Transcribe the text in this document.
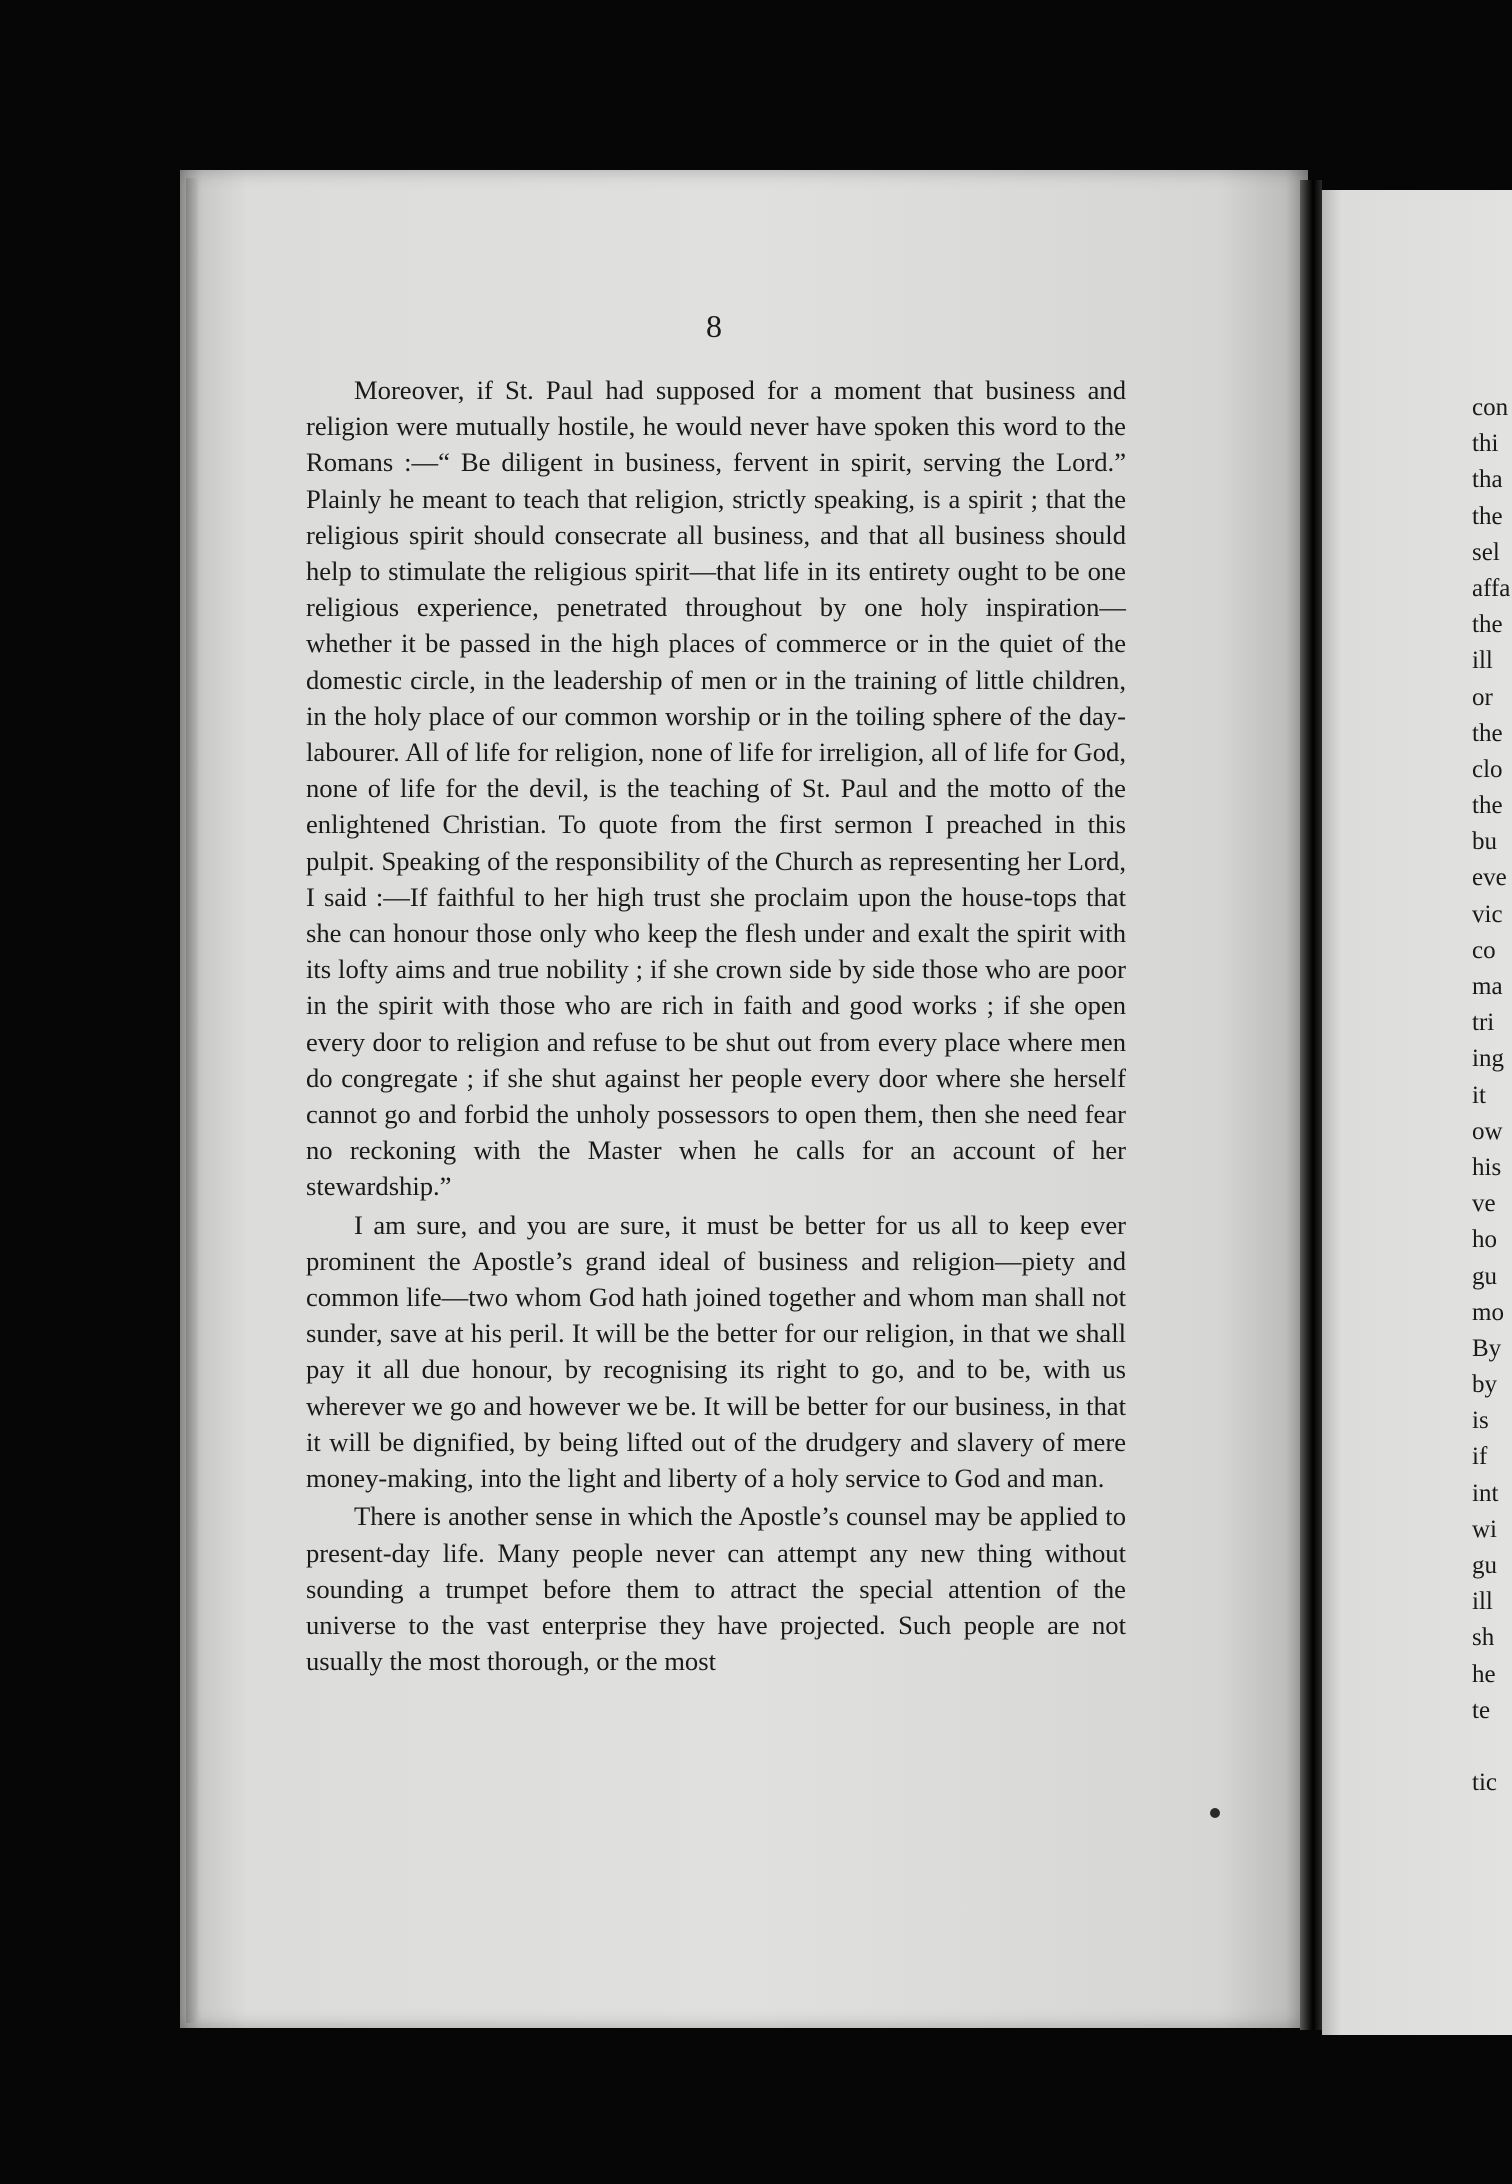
8

Moreover, if St. Paul had supposed for a moment that business and religion were mutually hostile, he would never have spoken this word to the Romans :—“ Be diligent in business, fervent in spirit, serving the Lord.” Plainly he meant to teach that religion, strictly speaking, is a spirit ; that the religious spirit should consecrate all business, and that all business should help to stimulate the religious spirit—that life in its entirety ought to be one religious experience, penetrated throughout by one holy inspiration—whether it be passed in the high places of commerce or in the quiet of the domestic circle, in the leadership of men or in the training of little children, in the holy place of our common worship or in the toiling sphere of the day-labourer. All of life for religion, none of life for irreligion, all of life for God, none of life for the devil, is the teaching of St. Paul and the motto of the enlightened Christian. To quote from the first sermon I preached in this pulpit. Speaking of the responsibility of the Church as representing her Lord, I said :—If faithful to her high trust she proclaim upon the house-tops that she can honour those only who keep the flesh under and exalt the spirit with its lofty aims and true nobility ; if she crown side by side those who are poor in the spirit with those who are rich in faith and good works ; if she open every door to religion and refuse to be shut out from every place where men do congregate ; if she shut against her people every door where she herself cannot go and forbid the unholy possessors to open them, then she need fear no reckoning with the Master when he calls for an account of her stewardship.”

I am sure, and you are sure, it must be better for us all to keep ever prominent the Apostle’s grand ideal of business and religion—piety and common life—two whom God hath joined together and whom man shall not sunder, save at his peril. It will be the better for our religion, in that we shall pay it all due honour, by recognising its right to go, and to be, with us wherever we go and however we be. It will be better for our business, in that it will be dignified, by being lifted out of the drudgery and slavery of mere money-making, into the light and liberty of a holy service to God and man.

There is another sense in which the Apostle’s counsel may be applied to present-day life. Many people never can attempt any new thing without sounding a trumpet before them to attract the special attention of the universe to the vast enterprise they have projected. Such people are not usually the most thorough, or the most

con
thi
tha
the
sel
affa
the
ill
or
the
clo
the
bu
eve
vic
co
ma
tri
ing
it
ow
his
ve
ho
gu
mo
By
by
is
if
int
wi
gu
ill
sh
he
te
tic
